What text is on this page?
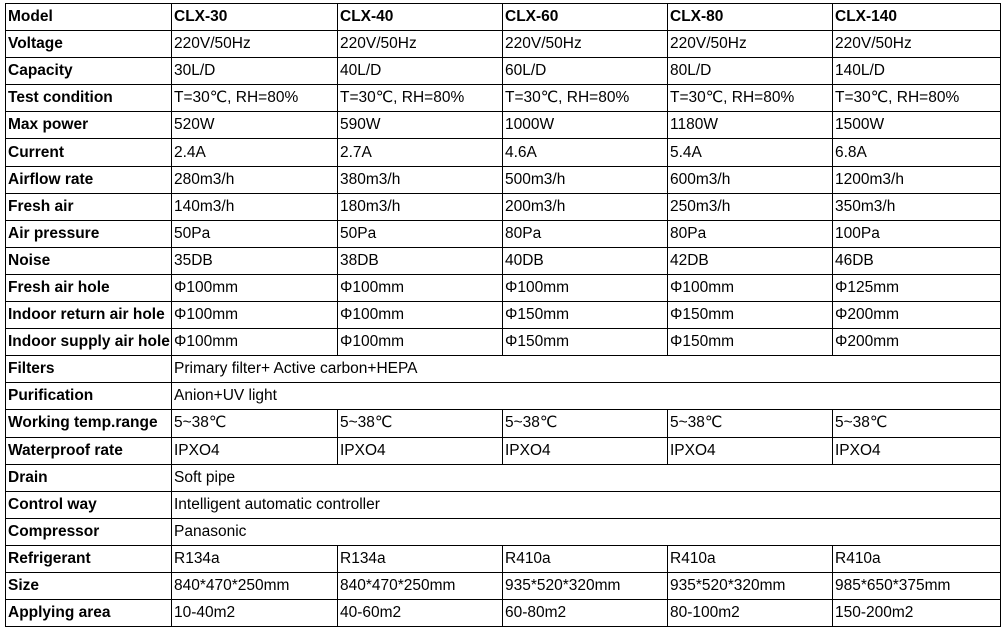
Model	CLX-30	CLX-40	CLX-60	CLX-80	CLX-140
Voltage	220V/50Hz	220V/50Hz	220V/50Hz	220V/50Hz	220V/50Hz
Capacity	30L/D	40L/D	60L/D	80L/D	140L/D
Test condition	T=30℃, RH=80%	T=30℃, RH=80%	T=30℃, RH=80%	T=30℃, RH=80%	T=30℃, RH=80%
Max power	520W	590W	1000W	1180W	1500W
Current	2.4A	2.7A	4.6A	5.4A	6.8A
Airflow rate	280m3/h	380m3/h	500m3/h	600m3/h	1200m3/h
Fresh air	140m3/h	180m3/h	200m3/h	250m3/h	350m3/h
Air pressure	50Pa	50Pa	80Pa	80Pa	100Pa
Noise	35DB	38DB	40DB	42DB	46DB
Fresh air hole	Φ100mm	Φ100mm	Φ100mm	Φ100mm	Φ125mm
Indoor return air hole	Φ100mm	Φ100mm	Φ150mm	Φ150mm	Φ200mm
Indoor supply air hole	Φ100mm	Φ100mm	Φ150mm	Φ150mm	Φ200mm
Filters	Primary filter+ Active carbon+HEPA				
Purification	Anion+UV light				
Working temp.range	5~38℃	5~38℃	5~38℃	5~38℃	5~38℃
Waterproof rate	IPXO4	IPXO4	IPXO4	IPXO4	IPXO4
Drain	Soft pipe				
Control way	Intelligent automatic controller				
Compressor	Panasonic				
Refrigerant	R134a	R134a	R410a	R410a	R410a
Size	840*470*250mm	840*470*250mm	935*520*320mm	935*520*320mm	985*650*375mm
Applying area	10-40m2	40-60m2	60-80m2	80-100m2	150-200m2
